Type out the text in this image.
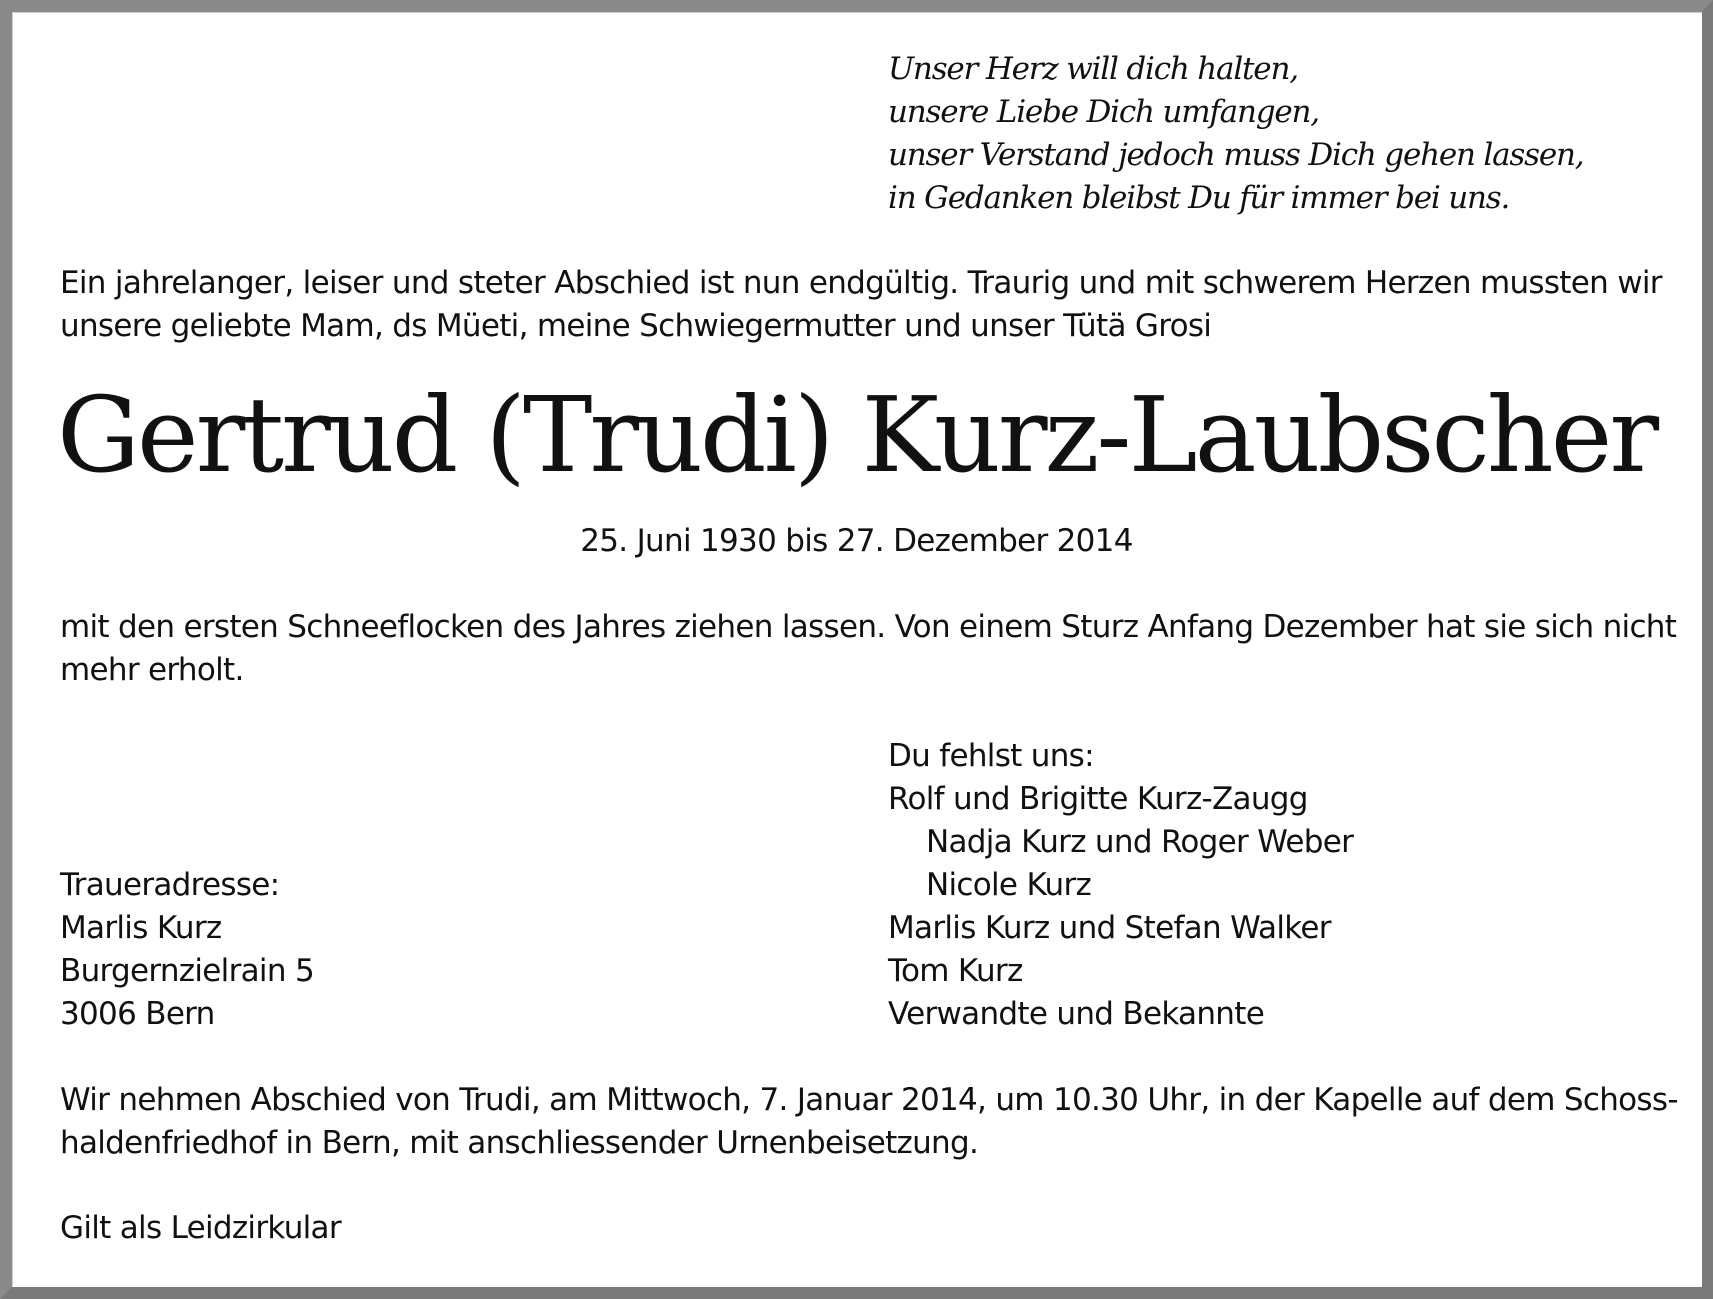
Unser Herz will dich halten,
unsere Liebe Dich umfangen,
unser Verstand jedoch muss Dich gehen lassen,
in Gedanken bleibst Du für immer bei uns.
Ein jahrelanger, leiser und steter Abschied ist nun endgültig. Traurig und mit schwerem Herzen mussten wir
unsere geliebte Mam, ds Müeti, meine Schwiegermutter und unser Tütä Grosi
Gertrud (Trudi) Kurz-Laubscher
25. Juni 1930 bis 27. Dezember 2014
mit den ersten Schneeflocken des Jahres ziehen lassen. Von einem Sturz Anfang Dezember hat sie sich nicht
mehr erholt.
Du fehlst uns:
Rolf und Brigitte Kurz-Zaugg
Nadja Kurz und Roger Weber
Nicole Kurz
Marlis Kurz und Stefan Walker
Tom Kurz
Verwandte und Bekannte
Traueradresse:
Marlis Kurz
Burgernzielrain 5
3006 Bern
Wir nehmen Abschied von Trudi, am Mittwoch, 7. Januar 2014, um 10.30 Uhr, in der Kapelle auf dem Schoss-
haldenfriedhof in Bern, mit anschliessender Urnenbeisetzung.
Gilt als Leidzirkular
